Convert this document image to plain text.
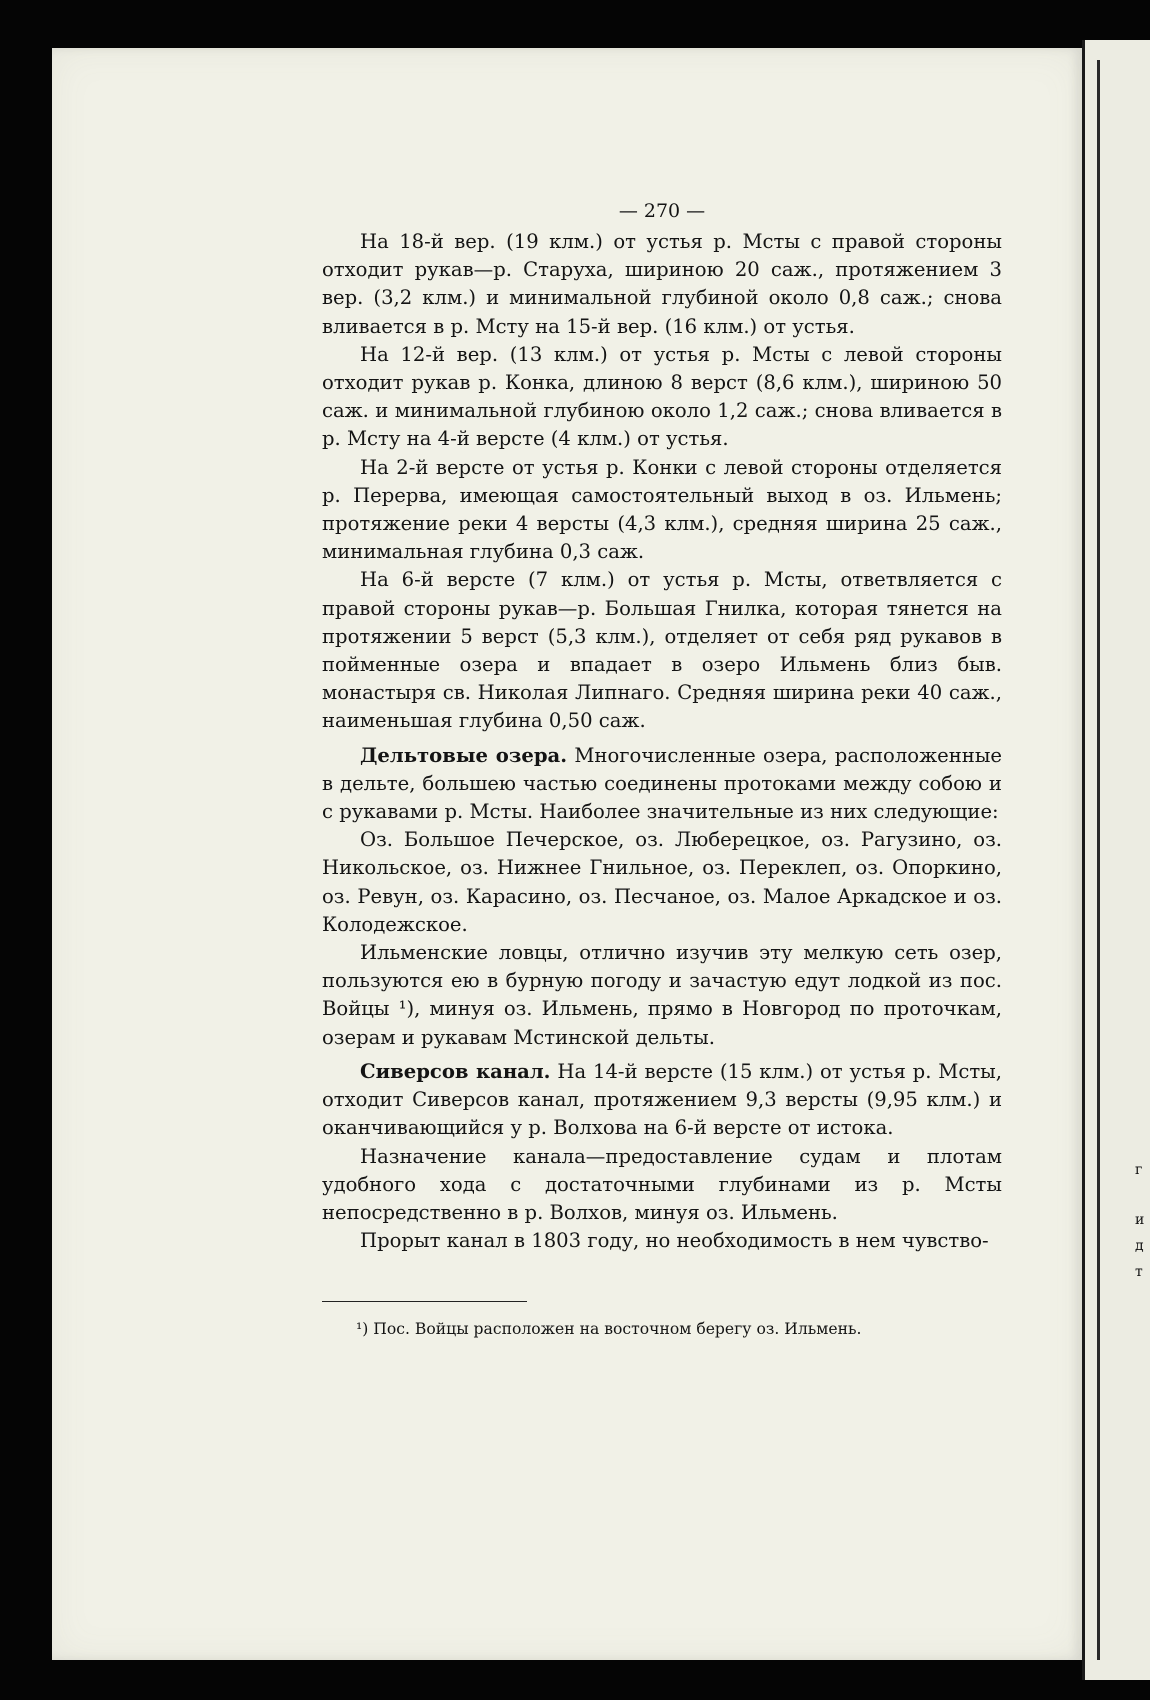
г
и
д
т
— 270 —

На 18-й вер. (19 клм.) от устья р. Мсты с правой стороны отходит рукав—р. Старуха, шириною 20 саж., протяжением 3 вер. (3,2 клм.) и минимальной глубиной около 0,8 саж.; снова вливается в р. Мсту на 15-й вер. (16 клм.) от устья.

На 12-й вер. (13 клм.) от устья р. Мсты с левой стороны отходит рукав р. Конка, длиною 8 верст (8,6 клм.), шириною 50 саж. и минимальной глубиною около 1,2 саж.; снова вливается в р. Мсту на 4-й версте (4 клм.) от устья.

На 2-й версте от устья р. Конки с левой стороны отделяется р. Перерва, имеющая самостоятельный выход в оз. Ильмень; протяжение реки 4 версты (4,3 клм.), средняя ширина 25 саж., минимальная глубина 0,3 саж.

На 6-й версте (7 клм.) от устья р. Мсты, ответвляется с правой стороны рукав—р. Большая Гнилка, которая тянется на протяжении 5 верст (5,3 клм.), отделяет от себя ряд рукавов в пойменные озера и впадает в озеро Ильмень близ быв. монастыря св. Николая Липнаго. Средняя ширина реки 40 саж., наименьшая глубина 0,50 саж.

Дельтовые озера. Многочисленные озера, расположенные в дельте, большею частью соединены протоками между собою и с рукавами р. Мсты. Наиболее значительные из них следующие:

Оз. Большое Печерское, оз. Люберецкое, оз. Рагузино, оз. Никольское, оз. Нижнее Гнильное, оз. Переклеп, оз. Опоркино, оз. Ревун, оз. Карасино, оз. Песчаное, оз. Малое Аркадское и оз. Колодежское.

Ильменские ловцы, отлично изучив эту мелкую сеть озер, пользуются ею в бурную погоду и зачастую едут лодкой из пос. Войцы ¹), минуя оз. Ильмень, прямо в Новгород по проточкам, озерам и рукавам Мстинской дельты.

Сиверсов канал. На 14-й версте (15 клм.) от устья р. Мсты, отходит Сиверсов канал, протяжением 9,3 версты (9,95 клм.) и оканчивающийся у р. Волхова на 6-й версте от истока.

Назначение канала—предоставление судам и плотам удобного хода с достаточными глубинами из р. Мсты непосредственно в р. Волхов, минуя оз. Ильмень.

Прорыт канал в 1803 году, но необходимость в нем чувство-

¹) Пос. Войцы расположен на восточном берегу оз. Ильмень.
